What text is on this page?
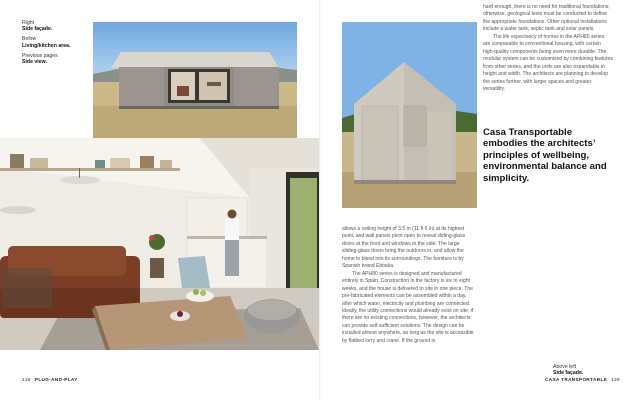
Right
Side façade.
Below
Living/kitchen area.
Previous pages
Side view.

hard enough, there is no need for traditional foundations; otherwise, geological tests must be conducted to define the appropriate foundations. Other optional installations include a water tank, septic tank and solar panels.

The life expectancy of homes in the APH80 series are comparable to conventional housing, with certain high-quality components being even more durable. The modular system can be customized by combining features from other series, and the units are also expandable in height and width. The architects are planning to develop the series further, with larger spaces and greater versatility.

Casa Transportable embodies the architects’ principles of wellbeing, environmental balance and simplicity.

allows a ceiling height of 3.5 m (11 ft 6 in) at its highest point, and wall panels pivot open to reveal sliding-glass doors at the front and windows to the side. The large sliding-glass doors bring the outdoors in, and allow the home to blend into its surroundings. The furniture is by Spanish brand Ebbaka.

The APH80 series is designed and manufactured entirely in Spain. Construction in the factory is six to eight weeks, and the house is delivered to site in one piece. The pre-fabricated elements can be assembled within a day, after which water, electricity and plumbing are connected. Ideally, the utility connections would already exist on site; if there are no existing connections, however, the architects can provide self-sufficient solutions. The design can be installed almost anywhere, as long as the site is accessible by flatbed lorry and crane. If the ground is

Above left
Side façade.
128 PLUG-AND-PLAY	CASA TRANSPORTABLE 129
